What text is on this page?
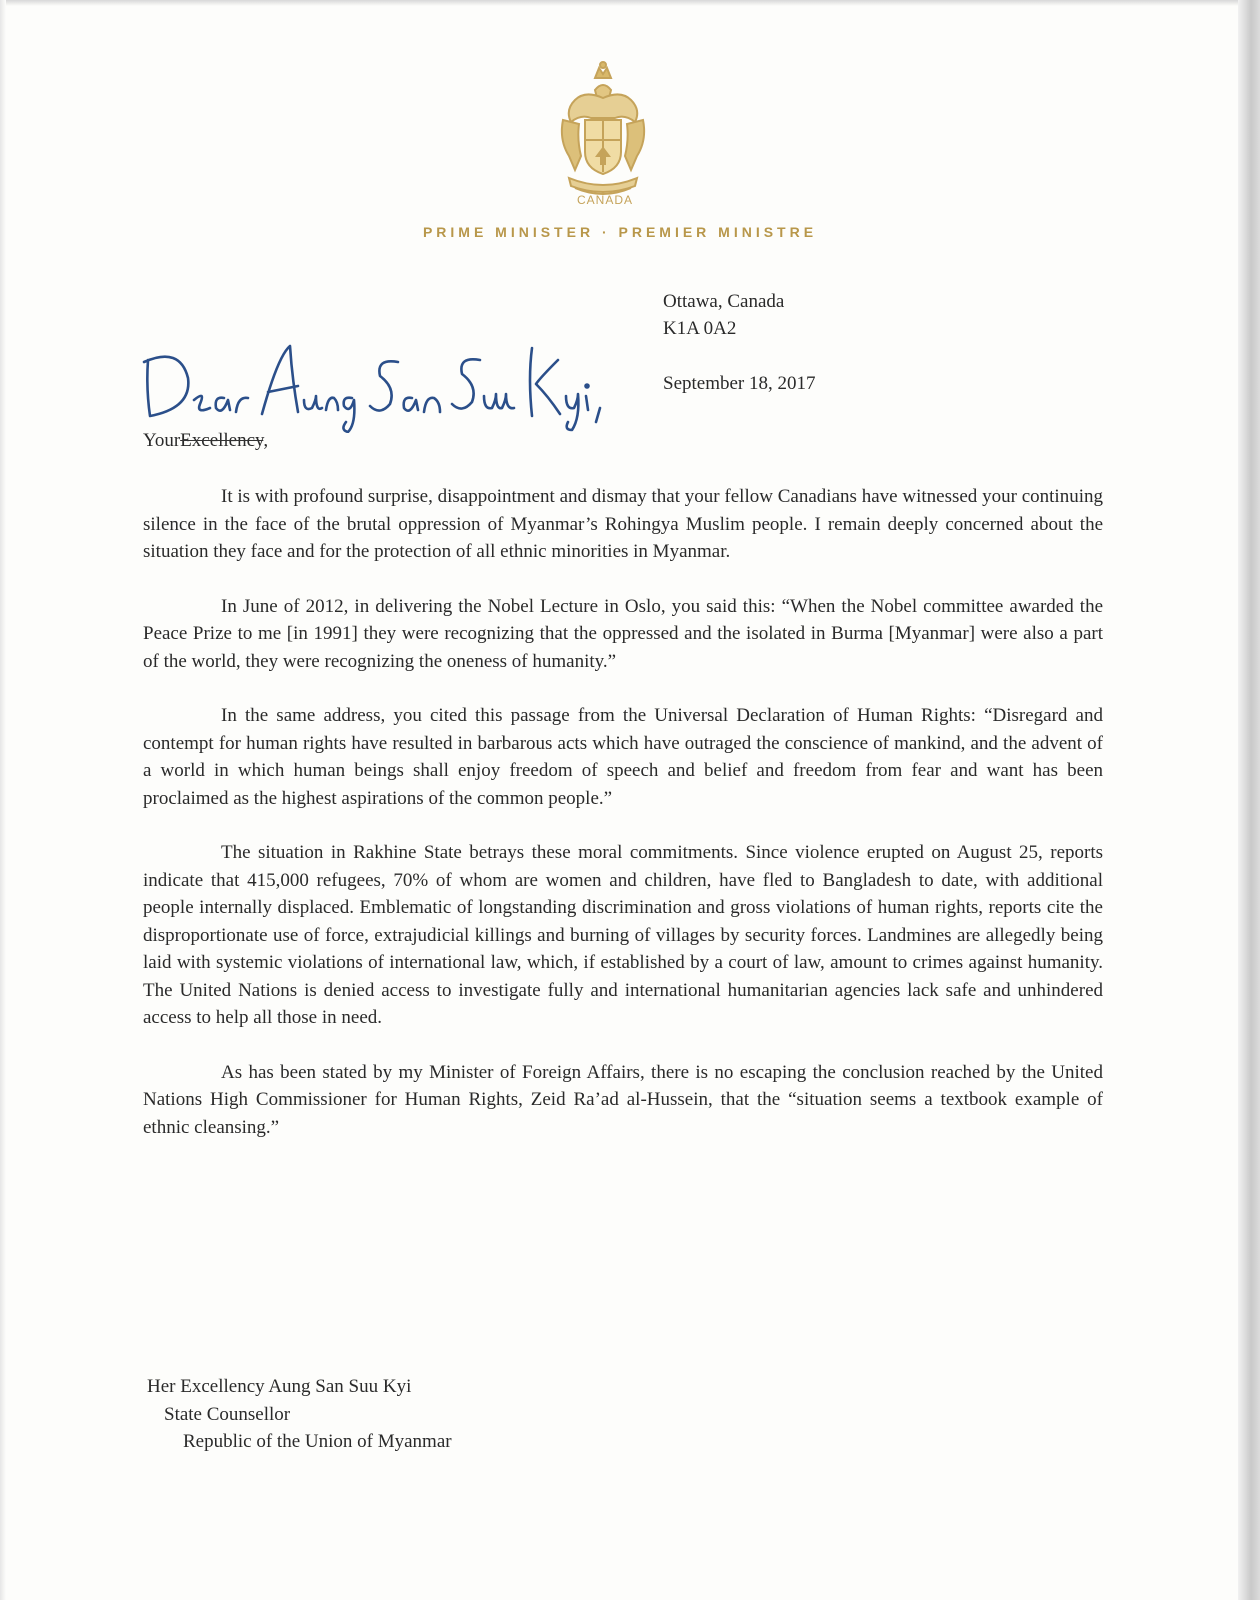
CANADA
PRIME MINISTER · PREMIER MINISTRE
Ottawa, Canada
K1A 0A2
September 18, 2017
YourExcellency,

It is with profound surprise, disappointment and dismay that your fellow Canadians have witnessed your continuing silence in the face of the brutal oppression of Myanmar’s Rohingya Muslim people. I remain deeply concerned about the situation they face and for the protection of all ethnic minorities in Myanmar.

In June of 2012, in delivering the Nobel Lecture in Oslo, you said this: “When the Nobel committee awarded the Peace Prize to me [in 1991] they were recognizing that the oppressed and the isolated in Burma [Myanmar] were also a part of the world, they were recognizing the oneness of humanity.”

In the same address, you cited this passage from the Universal Declaration of Human Rights: “Disregard and contempt for human rights have resulted in barbarous acts which have outraged the conscience of mankind, and the advent of a world in which human beings shall enjoy freedom of speech and belief and freedom from fear and want has been proclaimed as the highest aspirations of the common people.”

The situation in Rakhine State betrays these moral commitments. Since violence erupted on August 25, reports indicate that 415,000 refugees, 70% of whom are women and children, have fled to Bangladesh to date, with additional people internally displaced. Emblematic of longstanding discrimination and gross violations of human rights, reports cite the disproportionate use of force, extrajudicial killings and burning of villages by security forces. Landmines are allegedly being laid with systemic violations of international law, which, if established by a court of law, amount to crimes against humanity. The United Nations is denied access to investigate fully and international humanitarian agencies lack safe and unhindered access to help all those in need.

As has been stated by my Minister of Foreign Affairs, there is no escaping the conclusion reached by the United Nations High Commissioner for Human Rights, Zeid Ra’ad al-Hussein, that the “situation seems a textbook example of ethnic cleansing.”

Her Excellency Aung San Suu Kyi
State Counsellor
Republic of the Union of Myanmar
